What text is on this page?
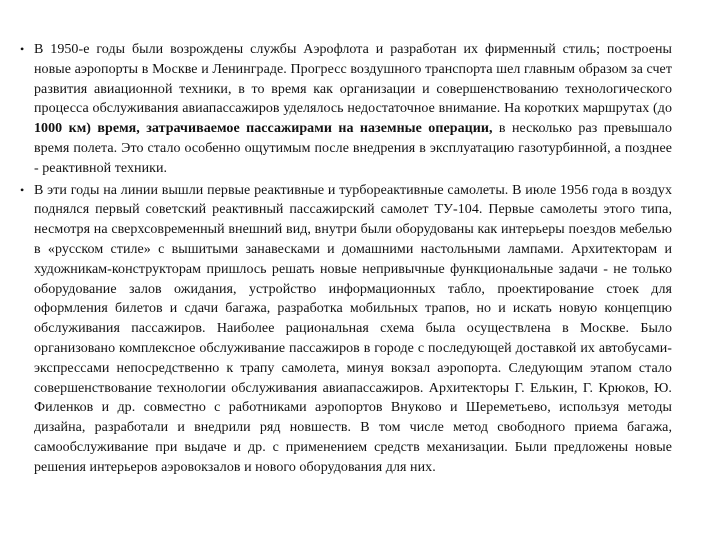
• В 1950-е годы были возрождены службы Аэрофлота и разработан их фирменный стиль; построены новые аэропорты в Москве и Ленинграде. Прогресс воздушного транспорта шел главным образом за счет развития авиационной техники, в то время как организации и совершенствованию технологического процесса обслуживания авиапассажиров уделялось недостаточное внимание. На коротких маршрутах (до 1000 км) время, затрачиваемое пассажирами на наземные операции, в несколько раз превышало время полета. Это стало особенно ощутимым после внедрения в эксплуатацию газотурбинной, а позднее - реактивной техники.

• В эти годы на линии вышли первые реактивные и турбореактивные самолеты. В июле 1956 года в воздух поднялся первый советский реактивный пассажирский самолет ТУ-104. Первые самолеты этого типа, несмотря на сверхсовременный внешний вид, внутри были оборудованы как интерьеры поездов мебелью в «русском стиле» с вышитыми занавесками и домашними настольными лампами. Архитекторам и художникам-конструкторам пришлось решать новые непривычные функциональные задачи - не только оборудование залов ожидания, устройство информационных табло, проектирование стоек для оформления билетов и сдачи багажа, разработка мобильных трапов, но и искать новую концепцию обслуживания пассажиров. Наиболее рациональная схема была осуществлена в Москве. Было организовано комплексное обслуживание пассажиров в городе с последующей доставкой их автобусами-экспрессами непосредственно к трапу самолета, минуя вокзал аэропорта. Следующим этапом стало совершенствование технологии обслуживания авиапассажиров. Архитекторы Г. Елькин, Г. Крюков, Ю. Филенков и др. совместно с работниками аэропортов Внуково и Шереметьево, используя методы дизайна, разработали и внедрили ряд новшеств. В том числе метод свободного приема багажа, самообслуживание при выдаче и др. с применением средств механизации. Были предложены новые решения интерьеров аэровокзалов и нового оборудования для них.
